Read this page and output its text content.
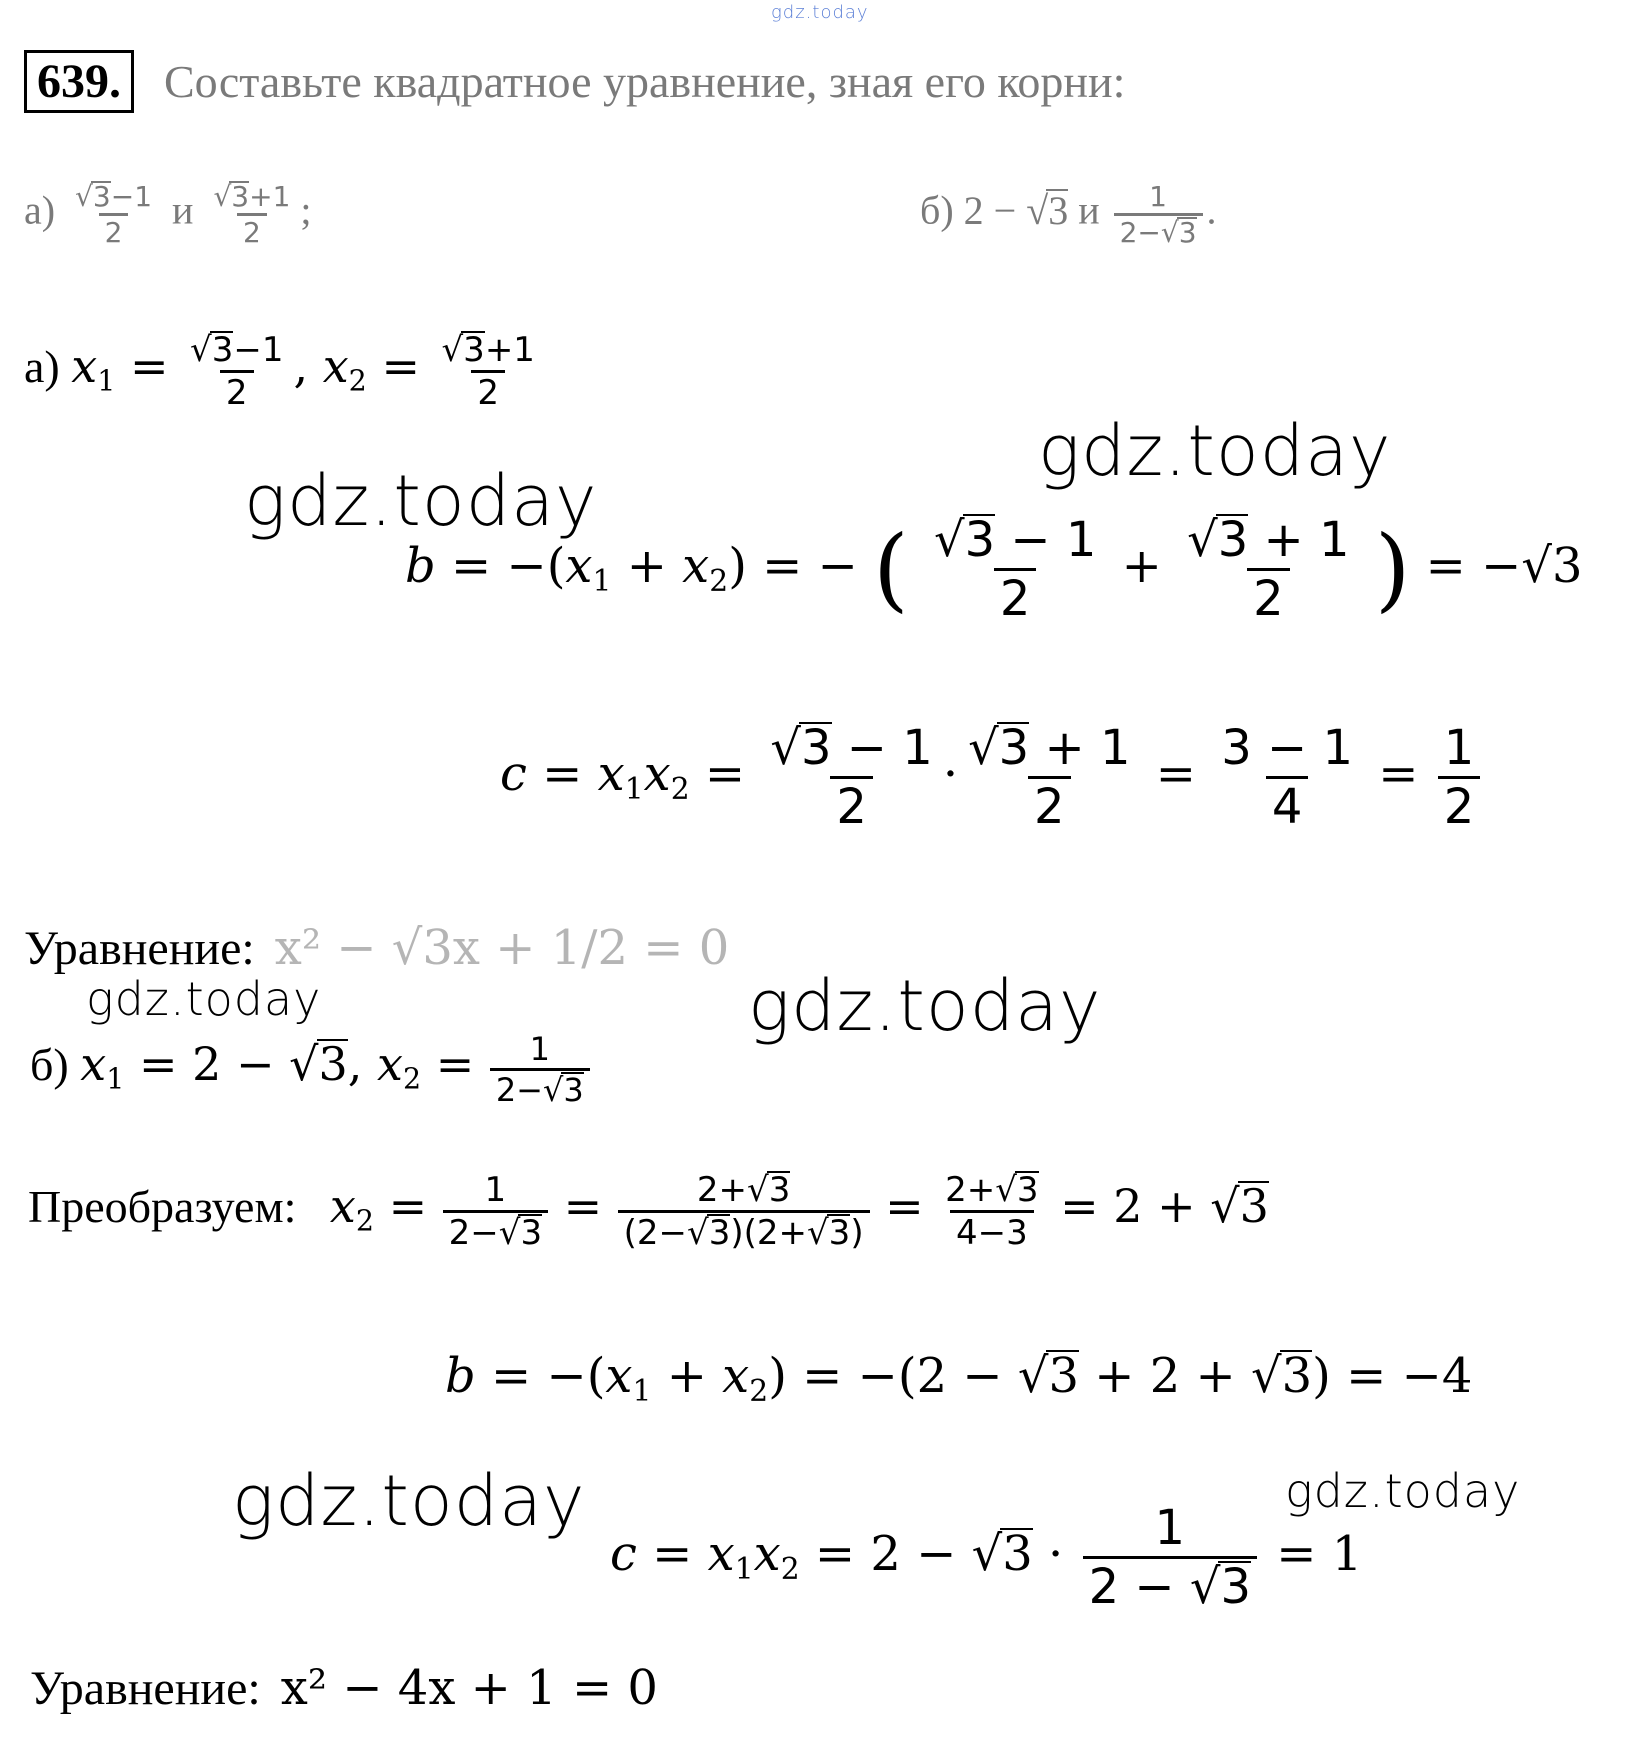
gdz.today
639. Составьте квадратное уравнение, зная его корни:
$а) \frac{√3-1}{2}$ и $\frac{√3+1}{2}$ ;	б) 2 − √3 и $\frac{1}{2-√3}$ .
а) $x_1 = \frac{√3-1}{2}$ , $x_2 = \frac{√3+1}{2}$
gdz.today
gdz.today
$b = -(x_1 + x_2)$ = − ( $\frac{√3 - 1}{2} + \frac{√3 + 1}{2}$ ) = −√3
$c = x_1x_2 = \frac{√3 - 1}{2} \cdot \frac{√3 + 1}{2} = \frac{3 - 1}{4} = \frac{1}{2}$
Уравнение: x² − √3x + 1/2 = 0
gdz.today	gdz.today
б) $x_1 = 2 - √3$, $x_2 = \frac{1}{2-√3}$
Преобразуем: $x_2 = \frac{1}{2-√3} = \frac{2+√3}{(2-√3)(2+√3)} = \frac{2+√3}{4-3} = 2 + √3$
$b = -(x_1 + x_2) = -(2 - √3 + 2 + √3) = -4$
gdz.today	gdz.today
$c = x_1x_2 = 2 - √3 \cdot \frac{1}{2 - √3} = 1$
Уравнение: x² − 4x + 1 = 0
